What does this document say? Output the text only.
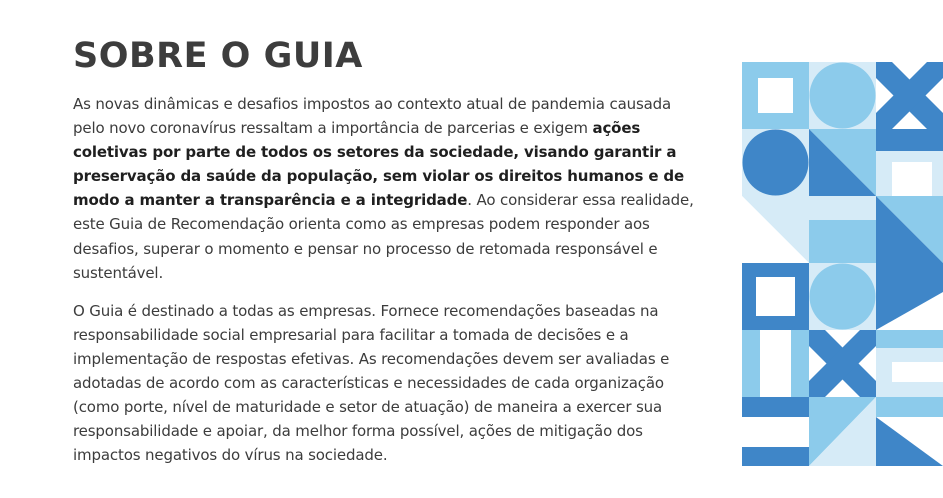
SOBRE O GUIA

As novas dinâmicas e desafios impostos ao contexto atual de pandemia causada pelo novo coronavírus ressaltam a importância de parcerias e exigem ações coletivas por parte de todos os setores da sociedade, visando garantir a preservação da saúde da população, sem violar os direitos humanos e de modo a manter a transparência e a integridade. Ao considerar essa realidade, este Guia de Recomendação orienta como as empresas podem responder aos desafios, superar o momento e pensar no processo de retomada responsável e sustentável.

O Guia é destinado a todas as empresas. Fornece recomendações baseadas na responsabilidade social empresarial para facilitar a tomada de decisões e a implementação de respostas efetivas. As recomendações devem ser avaliadas e adotadas de acordo com as características e necessidades de cada organização (como porte, nível de maturidade e setor de atuação) de maneira a exercer sua responsabilidade e apoiar, da melhor forma possível, ações de mitigação dos impactos negativos do vírus na sociedade.
